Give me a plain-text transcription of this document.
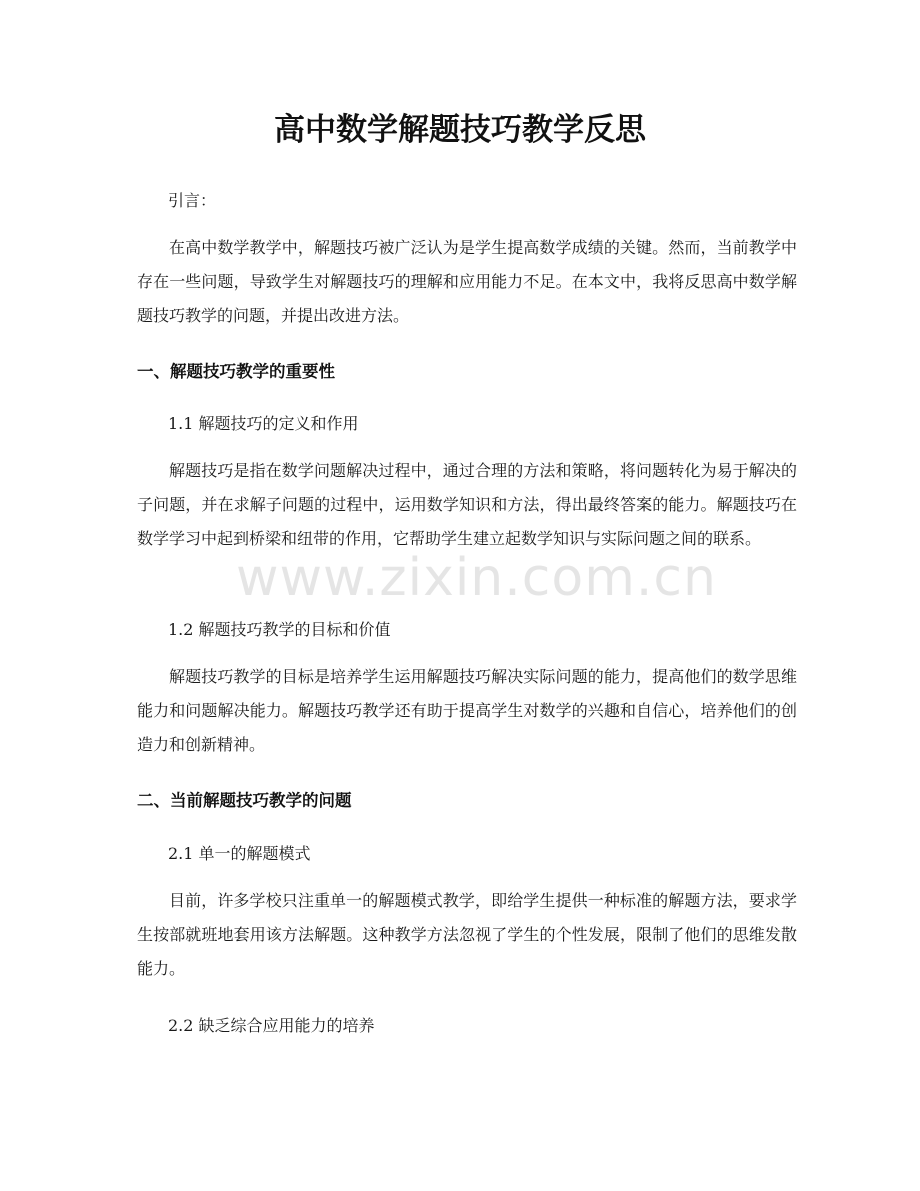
高中数学解题技巧教学反思
引言：
在高中数学教学中，解题技巧被广泛认为是学生提高数学成绩的关键。然而，当前教学中存在一些问题，导致学生对解题技巧的理解和应用能力不足。在本文中，我将反思高中数学解题技巧教学的问题，并提出改进方法。
一、解题技巧教学的重要性
1.1 解题技巧的定义和作用
解题技巧是指在数学问题解决过程中，通过合理的方法和策略，将问题转化为易于解决的子问题，并在求解子问题的过程中，运用数学知识和方法，得出最终答案的能力。解题技巧在数学学习中起到桥梁和纽带的作用，它帮助学生建立起数学知识与实际问题之间的联系。
1.2 解题技巧教学的目标和价值
解题技巧教学的目标是培养学生运用解题技巧解决实际问题的能力，提高他们的数学思维能力和问题解决能力。解题技巧教学还有助于提高学生对数学的兴趣和自信心，培养他们的创造力和创新精神。
二、当前解题技巧教学的问题
2.1 单一的解题模式
目前，许多学校只注重单一的解题模式教学，即给学生提供一种标准的解题方法，要求学生按部就班地套用该方法解题。这种教学方法忽视了学生的个性发展，限制了他们的思维发散能力。
2.2 缺乏综合应用能力的培养
www.zixin.com.cn
